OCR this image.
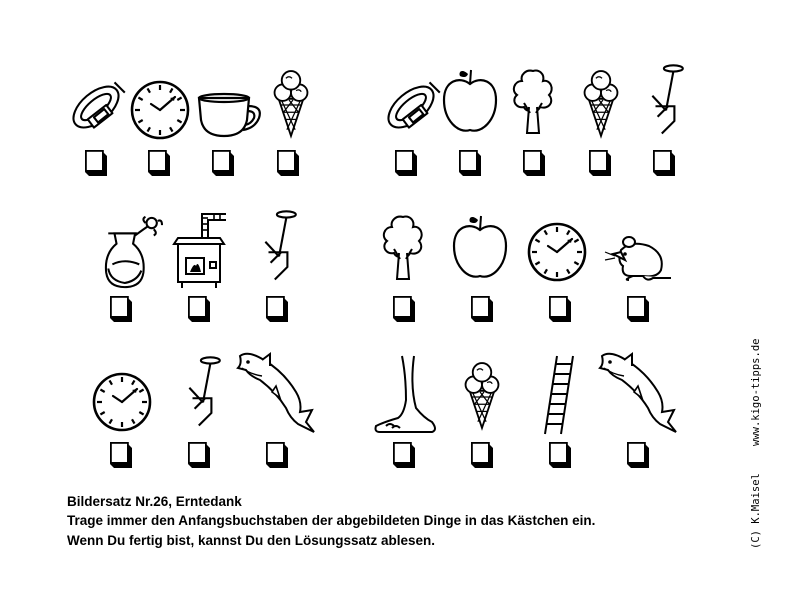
Bildersatz Nr.26, Erntedank
Trage immer den Anfangsbuchstaben der abgebildeten Dinge in das Kästchen ein.
Wenn Du fertig bist, kannst Du den Lösungssatz ablesen.
www.kigo-tipps.de
(C) K.Maisel
